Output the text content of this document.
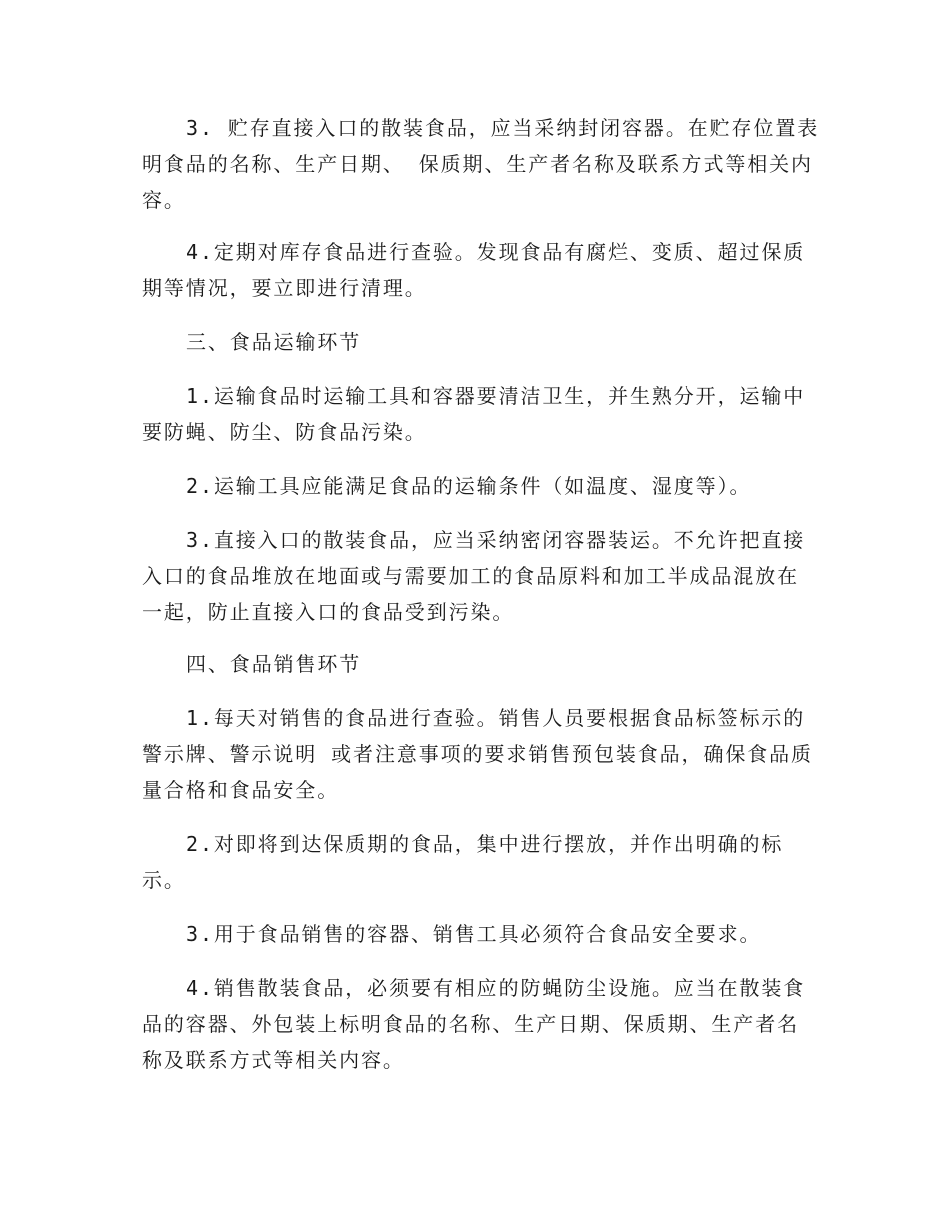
3. 贮存直接入口的散装食品，应当采纳封闭容器。在贮存位置表
明食品的名称、生产日期、 保质期、生产者名称及联系方式等相关内
容。
4.定期对库存食品进行查验。发现食品有腐烂、变质、超过保质
期等情况，要立即进行清理。
三、食品运输环节
1.运输食品时运输工具和容器要清洁卫生，并生熟分开，运输中
要防蝇、防尘、防食品污染。
2.运输工具应能满足食品的运输条件（如温度、湿度等）。
3.直接入口的散装食品，应当采纳密闭容器装运。不允许把直接
入口的食品堆放在地面或与需要加工的食品原料和加工半成品混放在
一起，防止直接入口的食品受到污染。
四、食品销售环节
1.每天对销售的食品进行查验。销售人员要根据食品标签标示的
警示牌、警示说明 或者注意事项的要求销售预包装食品，确保食品质
量合格和食品安全。
2.对即将到达保质期的食品，集中进行摆放，并作出明确的标
示。
3.用于食品销售的容器、销售工具必须符合食品安全要求。
4.销售散装食品，必须要有相应的防蝇防尘设施。应当在散装食
品的容器、外包装上标明食品的名称、生产日期、保质期、生产者名
称及联系方式等相关内容。
